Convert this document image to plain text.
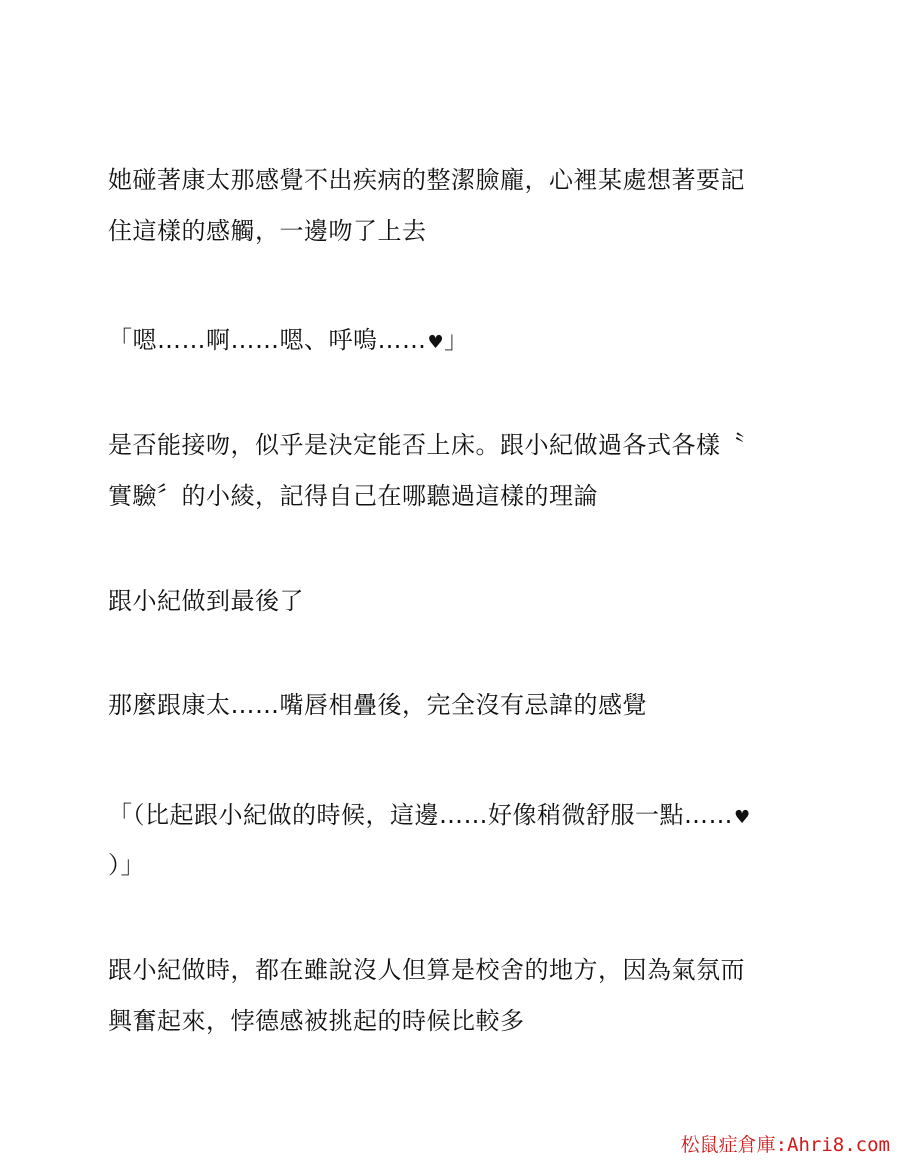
她碰著康太那感覺不出疾病的整潔臉龐，心裡某處想著要記
住這樣的感觸，一邊吻了上去
「嗯……啊……嗯、呼嗚……♥」
是否能接吻，似乎是決定能否上床。跟小紀做過各式各樣〝
實驗〞的小綾，記得自己在哪聽過這樣的理論
跟小紀做到最後了
那麼跟康太……嘴唇相疊後，完全沒有忌諱的感覺
「（比起跟小紀做的時候，這邊……好像稍微舒服一點……♥
）」
跟小紀做時，都在雖說沒人但算是校舍的地方，因為氣氛而
興奮起來，悖德感被挑起的時候比較多
松鼠症倉庫:Ahri8.com
